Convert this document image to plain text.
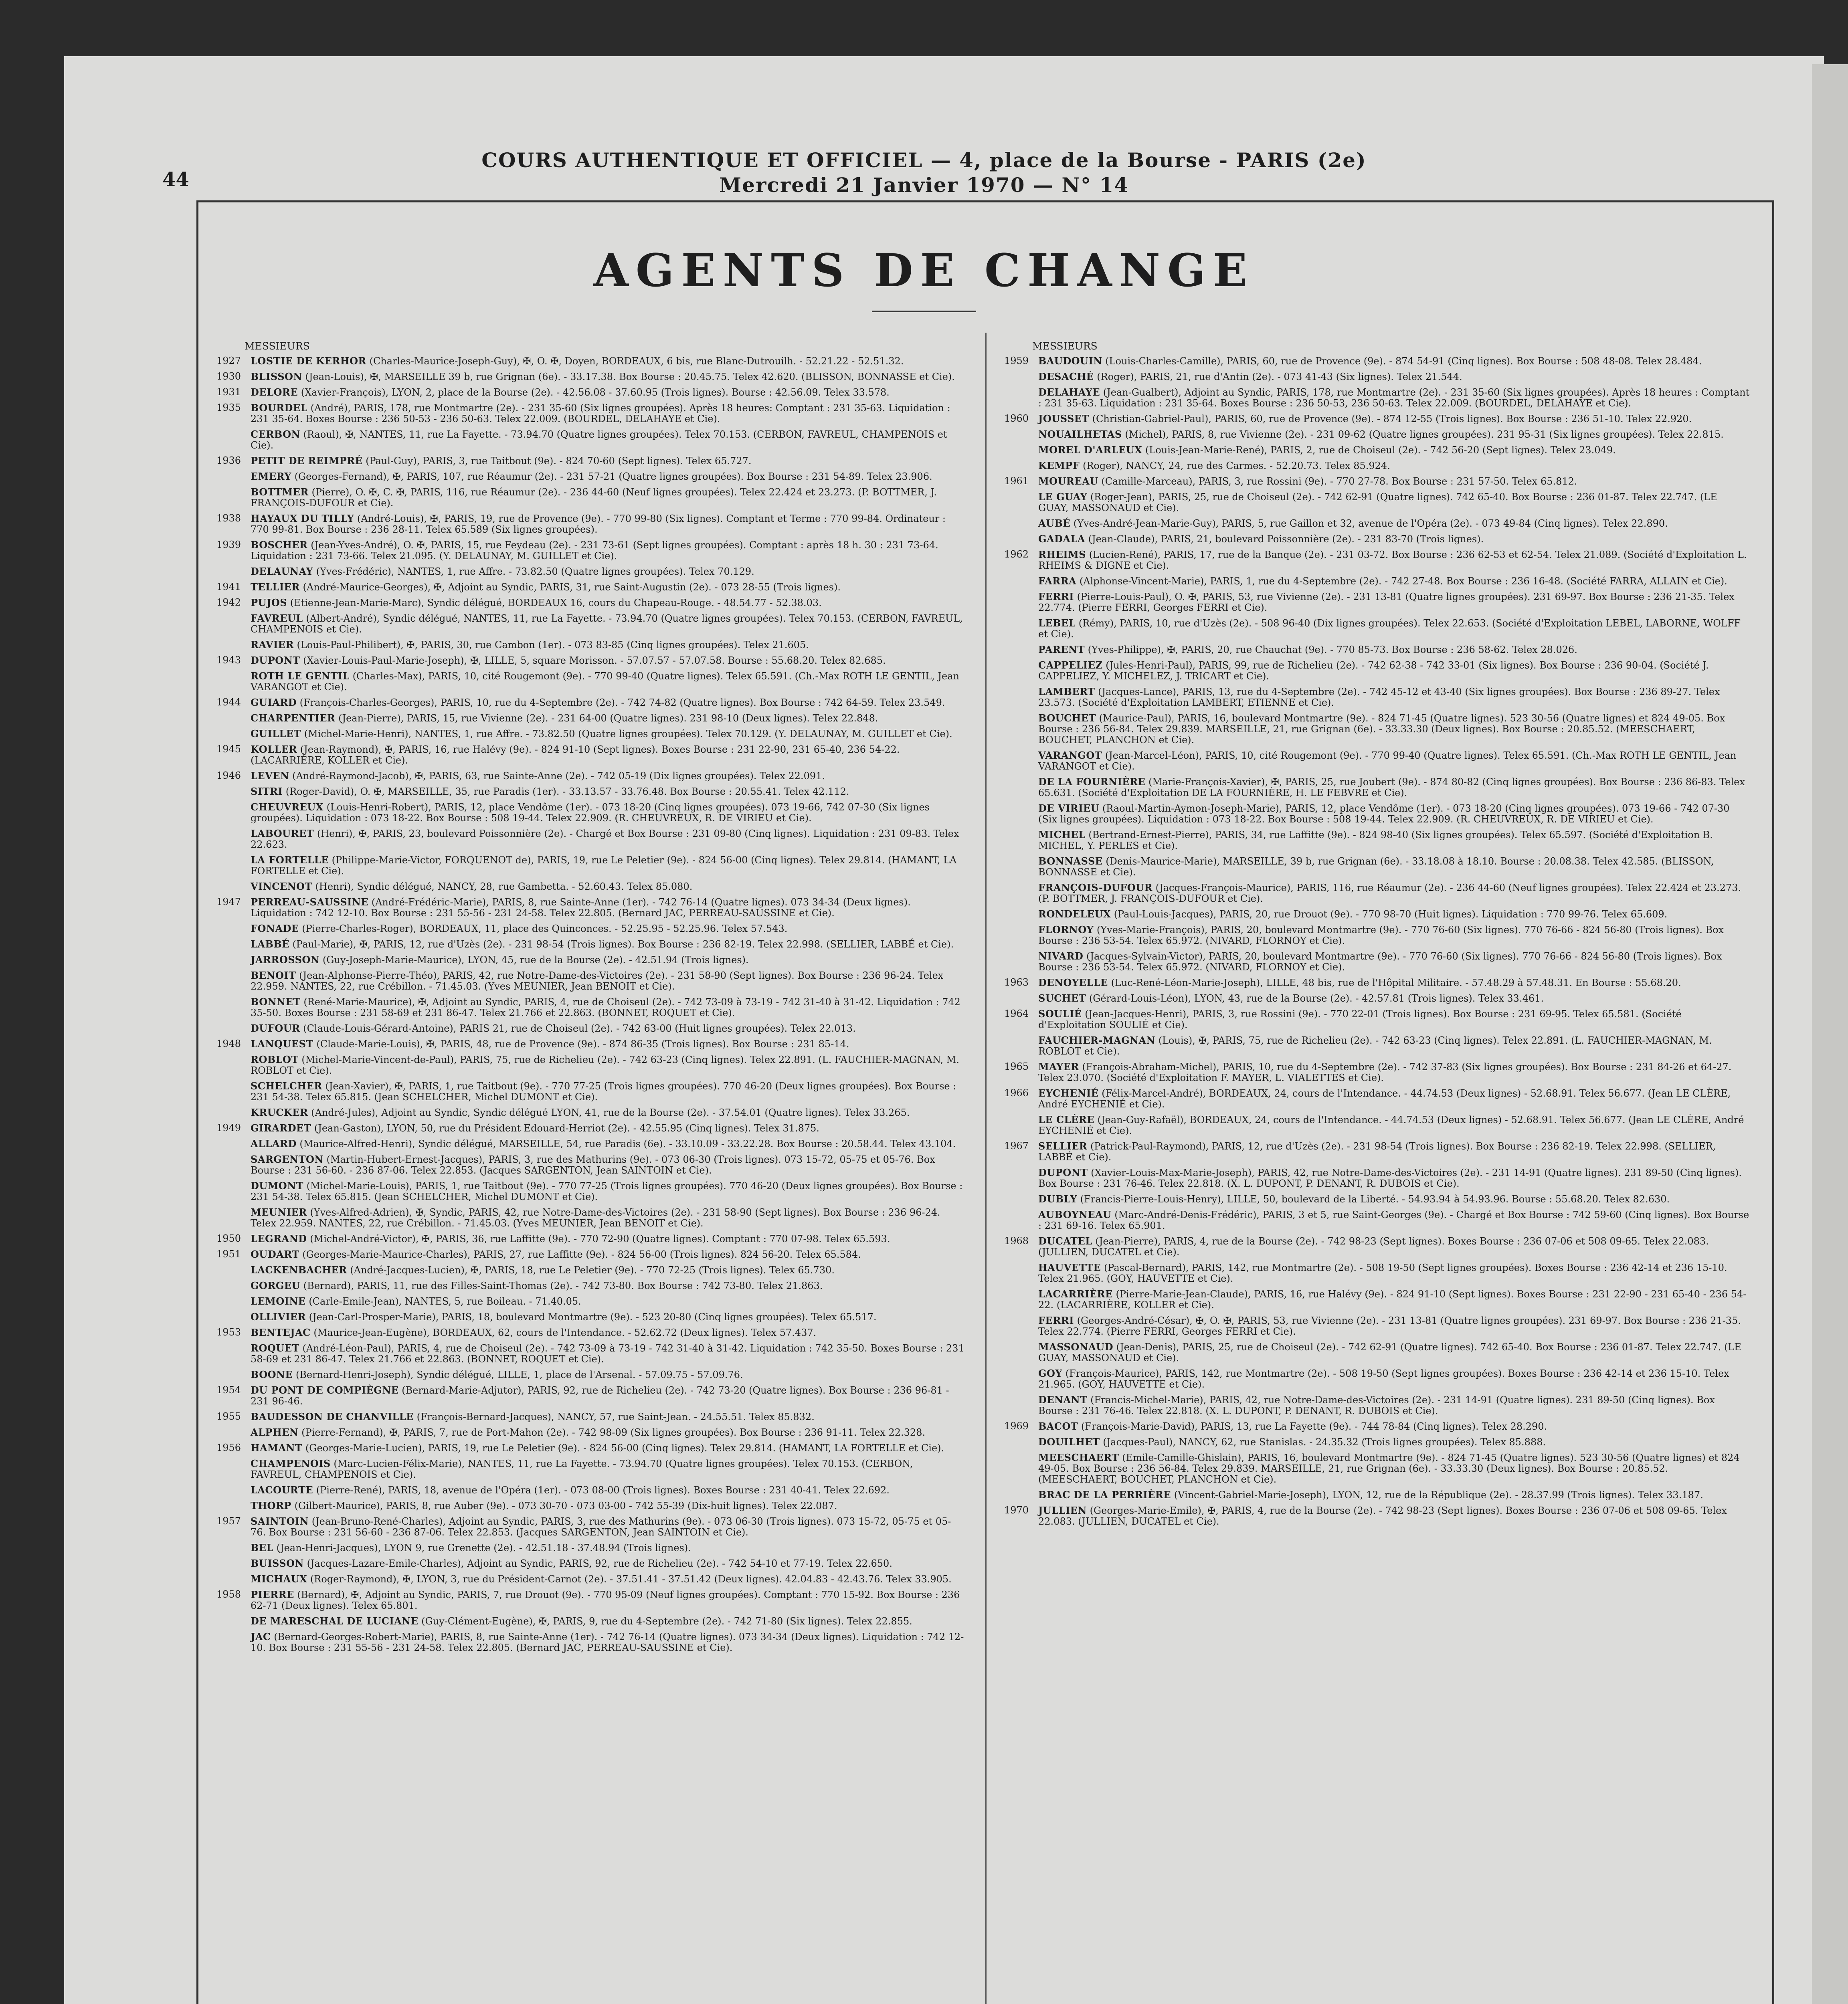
44
COURS AUTHENTIQUE ET OFFICIEL — 4, place de la Bourse - PARIS (2e)
Mercredi 21 Janvier 1970 — N° 14
AGENTS DE CHANGE
MESSIEURS
1927 LOSTIE DE KERHOR (Charles-Maurice-Joseph-Guy), ✠, O. ✠, Doyen, BORDEAUX, 6 bis, rue Blanc-Dutrouilh. - 52.21.22 - 52.51.32.
1930 BLISSON (Jean-Louis), ✠, MARSEILLE 39 b, rue Grignan (6e). - 33.17.38. Box Bourse : 20.45.75. Telex 42.620. (BLISSON, BONNASSE et Cie).
1931 DELORE (Xavier-François), LYON, 2, place de la Bourse (2e). - 42.56.08 - 37.60.95 (Trois lignes). Bourse : 42.56.09. Telex 33.578.
1935 BOURDEL (André), PARIS, 178, rue Montmartre (2e). - 231 35-60 (Six lignes groupées). Après 18 heures: Comptant : 231 35-63. Liquidation : 231 35-64. Boxes Bourse : 236 50-53 - 236 50-63. Telex 22.009. (BOURDEL, DELAHAYE et Cie).
CERBON (Raoul), ✠, NANTES, 11, rue La Fayette. - 73.94.70 (Quatre lignes groupées). Telex 70.153. (CERBON, FAVREUL, CHAMPENOIS et Cie).
1936 PETIT DE REIMPRÉ (Paul-Guy), PARIS, 3, rue Taitbout (9e). - 824 70-60 (Sept lignes). Telex 65.727.
EMERY (Georges-Fernand), ✠, PARIS, 107, rue Réaumur (2e). - 231 57-21 (Quatre lignes groupées). Box Bourse : 231 54-89. Telex 23.906.
BOTTMER (Pierre), O. ✠, C. ✠, PARIS, 116, rue Réaumur (2e). - 236 44-60 (Neuf lignes groupées). Telex 22.424 et 23.273. (P. BOTTMER, J. FRANÇOIS-DUFOUR et Cie).
1938 HAYAUX DU TILLY (André-Louis), ✠, PARIS, 19, rue de Provence (9e). - 770 99-80 (Six lignes). Comptant et Terme : 770 99-84. Ordinateur : 770 99-81. Box Bourse : 236 28-11. Telex 65.589 (Six lignes groupées).
1939 BOSCHER (Jean-Yves-André), O. ✠, PARIS, 15, rue Feydeau (2e). - 231 73-61 (Sept lignes groupées). Comptant : après 18 h. 30 : 231 73-64. Liquidation : 231 73-66. Telex 21.095. (Y. DELAUNAY, M. GUILLET et Cie).
DELAUNAY (Yves-Frédéric), NANTES, 1, rue Affre. - 73.82.50 (Quatre lignes groupées). Telex 70.129.
1941 TELLIER (André-Maurice-Georges), ✠, Adjoint au Syndic, PARIS, 31, rue Saint-Augustin (2e). - 073 28-55 (Trois lignes).
1942 PUJOS (Etienne-Jean-Marie-Marc), Syndic délégué, BORDEAUX 16, cours du Chapeau-Rouge. - 48.54.77 - 52.38.03.
FAVREUL (Albert-André), Syndic délégué, NANTES, 11, rue La Fayette. - 73.94.70 (Quatre lignes groupées). Telex 70.153. (CERBON, FAVREUL, CHAMPENOIS et Cie).
RAVIER (Louis-Paul-Philibert), ✠, PARIS, 30, rue Cambon (1er). - 073 83-85 (Cinq lignes groupées). Telex 21.605.
1943 DUPONT (Xavier-Louis-Paul-Marie-Joseph), ✠, LILLE, 5, square Morisson. - 57.07.57 - 57.07.58. Bourse : 55.68.20. Telex 82.685.
ROTH LE GENTIL (Charles-Max), PARIS, 10, cité Rougemont (9e). - 770 99-40 (Quatre lignes). Telex 65.591. (Ch.-Max ROTH LE GENTIL, Jean VARANGOT et Cie).
1944 GUIARD (François-Charles-Georges), PARIS, 10, rue du 4-Septembre (2e). - 742 74-82 (Quatre lignes). Box Bourse : 742 64-59. Telex 23.549.
CHARPENTIER (Jean-Pierre), PARIS, 15, rue Vivienne (2e). - 231 64-00 (Quatre lignes). 231 98-10 (Deux lignes). Telex 22.848.
GUILLET (Michel-Marie-Henri), NANTES, 1, rue Affre. - 73.82.50 (Quatre lignes groupées). Telex 70.129. (Y. DELAUNAY, M. GUILLET et Cie).
1945 KOLLER (Jean-Raymond), ✠, PARIS, 16, rue Halévy (9e). - 824 91-10 (Sept lignes). Boxes Bourse : 231 22-90, 231 65-40, 236 54-22. (LACARRIÈRE, KOLLER et Cie).
1946 LEVEN (André-Raymond-Jacob), ✠, PARIS, 63, rue Sainte-Anne (2e). - 742 05-19 (Dix lignes groupées). Telex 22.091.
SITRI (Roger-David), O. ✠, MARSEILLE, 35, rue Paradis (1er). - 33.13.57 - 33.76.48. Box Bourse : 20.55.41. Telex 42.112.
CHEUVREUX (Louis-Henri-Robert), PARIS, 12, place Vendôme (1er). - 073 18-20 (Cinq lignes groupées). 073 19-66, 742 07-30 (Six lignes groupées). Liquidation : 073 18-22. Box Bourse : 508 19-44. Telex 22.909. (R. CHEUVREUX, R. DE VIRIEU et Cie).
LABOURET (Henri), ✠, PARIS, 23, boulevard Poissonnière (2e). - Chargé et Box Bourse : 231 09-80 (Cinq lignes). Liquidation : 231 09-83. Telex 22.623.
LA FORTELLE (Philippe-Marie-Victor, FORQUENOT de), PARIS, 19, rue Le Peletier (9e). - 824 56-00 (Cinq lignes). Telex 29.814. (HAMANT, LA FORTELLE et Cie).
VINCENOT (Henri), Syndic délégué, NANCY, 28, rue Gambetta. - 52.60.43. Telex 85.080.
1947 PERREAU-SAUSSINE (André-Frédéric-Marie), PARIS, 8, rue Sainte-Anne (1er). - 742 76-14 (Quatre lignes). 073 34-34 (Deux lignes). Liquidation : 742 12-10. Box Bourse : 231 55-56 - 231 24-58. Telex 22.805. (Bernard JAC, PERREAU-SAUSSINE et Cie).
FONADE (Pierre-Charles-Roger), BORDEAUX, 11, place des Quinconces. - 52.25.95 - 52.25.96. Telex 57.543.
LABBÉ (Paul-Marie), ✠, PARIS, 12, rue d'Uzès (2e). - 231 98-54 (Trois lignes). Box Bourse : 236 82-19. Telex 22.998. (SELLIER, LABBÉ et Cie).
JARROSSON (Guy-Joseph-Marie-Maurice), LYON, 45, rue de la Bourse (2e). - 42.51.94 (Trois lignes).
BENOIT (Jean-Alphonse-Pierre-Théo), PARIS, 42, rue Notre-Dame-des-Victoires (2e). - 231 58-90 (Sept lignes). Box Bourse : 236 96-24. Telex 22.959. NANTES, 22, rue Crébillon. - 71.45.03. (Yves MEUNIER, Jean BENOIT et Cie).
BONNET (René-Marie-Maurice), ✠, Adjoint au Syndic, PARIS, 4, rue de Choiseul (2e). - 742 73-09 à 73-19 - 742 31-40 à 31-42. Liquidation : 742 35-50. Boxes Bourse : 231 58-69 et 231 86-47. Telex 21.766 et 22.863. (BONNET, ROQUET et Cie).
DUFOUR (Claude-Louis-Gérard-Antoine), PARIS 21, rue de Choiseul (2e). - 742 63-00 (Huit lignes groupées). Telex 22.013.
1948 LANQUEST (Claude-Marie-Louis), ✠, PARIS, 48, rue de Provence (9e). - 874 86-35 (Trois lignes). Box Bourse : 231 85-14.
ROBLOT (Michel-Marie-Vincent-de-Paul), PARIS, 75, rue de Richelieu (2e). - 742 63-23 (Cinq lignes). Telex 22.891. (L. FAUCHIER-MAGNAN, M. ROBLOT et Cie).
SCHELCHER (Jean-Xavier), ✠, PARIS, 1, rue Taitbout (9e). - 770 77-25 (Trois lignes groupées). 770 46-20 (Deux lignes groupées). Box Bourse : 231 54-38. Telex 65.815. (Jean SCHELCHER, Michel DUMONT et Cie).
KRUCKER (André-Jules), Adjoint au Syndic, Syndic délégué LYON, 41, rue de la Bourse (2e). - 37.54.01 (Quatre lignes). Telex 33.265.
1949 GIRARDET (Jean-Gaston), LYON, 50, rue du Président Edouard-Herriot (2e). - 42.55.95 (Cinq lignes). Telex 31.875.
ALLARD (Maurice-Alfred-Henri), Syndic délégué, MARSEILLE, 54, rue Paradis (6e). - 33.10.09 - 33.22.28. Box Bourse : 20.58.44. Telex 43.104.
SARGENTON (Martin-Hubert-Ernest-Jacques), PARIS, 3, rue des Mathurins (9e). - 073 06-30 (Trois lignes). 073 15-72, 05-75 et 05-76. Box Bourse : 231 56-60. - 236 87-06. Telex 22.853. (Jacques SARGENTON, Jean SAINTOIN et Cie).
DUMONT (Michel-Marie-Louis), PARIS, 1, rue Taitbout (9e). - 770 77-25 (Trois lignes groupées). 770 46-20 (Deux lignes groupées). Box Bourse : 231 54-38. Telex 65.815. (Jean SCHELCHER, Michel DUMONT et Cie).
MEUNIER (Yves-Alfred-Adrien), ✠, Syndic, PARIS, 42, rue Notre-Dame-des-Victoires (2e). - 231 58-90 (Sept lignes). Box Bourse : 236 96-24. Telex 22.959. NANTES, 22, rue Crébillon. - 71.45.03. (Yves MEUNIER, Jean BENOIT et Cie).
1950 LEGRAND (Michel-André-Victor), ✠, PARIS, 36, rue Laffitte (9e). - 770 72-90 (Quatre lignes). Comptant : 770 07-98. Telex 65.593.
1951 OUDART (Georges-Marie-Maurice-Charles), PARIS, 27, rue Laffitte (9e). - 824 56-00 (Trois lignes). 824 56-20. Telex 65.584.
LACKENBACHER (André-Jacques-Lucien), ✠, PARIS, 18, rue Le Peletier (9e). - 770 72-25 (Trois lignes). Telex 65.730.
GORGEU (Bernard), PARIS, 11, rue des Filles-Saint-Thomas (2e). - 742 73-80. Box Bourse : 742 73-80. Telex 21.863.
LEMOINE (Carle-Emile-Jean), NANTES, 5, rue Boileau. - 71.40.05.
OLLIVIER (Jean-Carl-Prosper-Marie), PARIS, 18, boulevard Montmartre (9e). - 523 20-80 (Cinq lignes groupées). Telex 65.517.
1953 BENTEJAC (Maurice-Jean-Eugène), BORDEAUX, 62, cours de l'Intendance. - 52.62.72 (Deux lignes). Telex 57.437.
ROQUET (André-Léon-Paul), PARIS, 4, rue de Choiseul (2e). - 742 73-09 à 73-19 - 742 31-40 à 31-42. Liquidation : 742 35-50. Boxes Bourse : 231 58-69 et 231 86-47. Telex 21.766 et 22.863. (BONNET, ROQUET et Cie).
BOONE (Bernard-Henri-Joseph), Syndic délégué, LILLE, 1, place de l'Arsenal. - 57.09.75 - 57.09.76.
1954 DU PONT DE COMPIÈGNE (Bernard-Marie-Adjutor), PARIS, 92, rue de Richelieu (2e). - 742 73-20 (Quatre lignes). Box Bourse : 236 96-81 - 231 96-46.
1955 BAUDESSON DE CHANVILLE (François-Bernard-Jacques), NANCY, 57, rue Saint-Jean. - 24.55.51. Telex 85.832.
ALPHEN (Pierre-Fernand), ✠, PARIS, 7, rue de Port-Mahon (2e). - 742 98-09 (Six lignes groupées). Box Bourse : 236 91-11. Telex 22.328.
1956 HAMANT (Georges-Marie-Lucien), PARIS, 19, rue Le Peletier (9e). - 824 56-00 (Cinq lignes). Telex 29.814. (HAMANT, LA FORTELLE et Cie).
CHAMPENOIS (Marc-Lucien-Félix-Marie), NANTES, 11, rue La Fayette. - 73.94.70 (Quatre lignes groupées). Telex 70.153. (CERBON, FAVREUL, CHAMPENOIS et Cie).
LACOURTE (Pierre-René), PARIS, 18, avenue de l'Opéra (1er). - 073 08-00 (Trois lignes). Boxes Bourse : 231 40-41. Telex 22.692.
THORP (Gilbert-Maurice), PARIS, 8, rue Auber (9e). - 073 30-70 - 073 03-00 - 742 55-39 (Dix-huit lignes). Telex 22.087.
1957 SAINTOIN (Jean-Bruno-René-Charles), Adjoint au Syndic, PARIS, 3, rue des Mathurins (9e). - 073 06-30 (Trois lignes). 073 15-72, 05-75 et 05-76. Box Bourse : 231 56-60 - 236 87-06. Telex 22.853. (Jacques SARGENTON, Jean SAINTOIN et Cie).
BEL (Jean-Henri-Jacques), LYON 9, rue Grenette (2e). - 42.51.18 - 37.48.94 (Trois lignes).
BUISSON (Jacques-Lazare-Emile-Charles), Adjoint au Syndic, PARIS, 92, rue de Richelieu (2e). - 742 54-10 et 77-19. Telex 22.650.
MICHAUX (Roger-Raymond), ✠, LYON, 3, rue du Président-Carnot (2e). - 37.51.41 - 37.51.42 (Deux lignes). 42.04.83 - 42.43.76. Telex 33.905.
1958 PIERRE (Bernard), ✠, Adjoint au Syndic, PARIS, 7, rue Drouot (9e). - 770 95-09 (Neuf lignes groupées). Comptant : 770 15-92. Box Bourse : 236 62-71 (Deux lignes). Telex 65.801.
DE MARESCHAL DE LUCIANE (Guy-Clément-Eugène), ✠, PARIS, 9, rue du 4-Septembre (2e). - 742 71-80 (Six lignes). Telex 22.855.
JAC (Bernard-Georges-Robert-Marie), PARIS, 8, rue Sainte-Anne (1er). - 742 76-14 (Quatre lignes). 073 34-34 (Deux lignes). Liquidation : 742 12-10. Box Bourse : 231 55-56 - 231 24-58. Telex 22.805. (Bernard JAC, PERREAU-SAUSSINE et Cie).
MESSIEURS
1959 BAUDOUIN (Louis-Charles-Camille), PARIS, 60, rue de Provence (9e). - 874 54-91 (Cinq lignes). Box Bourse : 508 48-08. Telex 28.484.
DESACHÉ (Roger), PARIS, 21, rue d'Antin (2e). - 073 41-43 (Six lignes). Telex 21.544.
DELAHAYE (Jean-Gualbert), Adjoint au Syndic, PARIS, 178, rue Montmartre (2e). - 231 35-60 (Six lignes groupées). Après 18 heures : Comptant : 231 35-63. Liquidation : 231 35-64. Boxes Bourse : 236 50-53, 236 50-63. Telex 22.009. (BOURDEL, DELAHAYE et Cie).
1960 JOUSSET (Christian-Gabriel-Paul), PARIS, 60, rue de Provence (9e). - 874 12-55 (Trois lignes). Box Bourse : 236 51-10. Telex 22.920.
NOUAILHETAS (Michel), PARIS, 8, rue Vivienne (2e). - 231 09-62 (Quatre lignes groupées). 231 95-31 (Six lignes groupées). Telex 22.815.
MOREL D'ARLEUX (Louis-Jean-Marie-René), PARIS, 2, rue de Choiseul (2e). - 742 56-20 (Sept lignes). Telex 23.049.
KEMPF (Roger), NANCY, 24, rue des Carmes. - 52.20.73. Telex 85.924.
1961 MOUREAU (Camille-Marceau), PARIS, 3, rue Rossini (9e). - 770 27-78. Box Bourse : 231 57-50. Telex 65.812.
LE GUAY (Roger-Jean), PARIS, 25, rue de Choiseul (2e). - 742 62-91 (Quatre lignes). 742 65-40. Box Bourse : 236 01-87. Telex 22.747. (LE GUAY, MASSONAUD et Cie).
AUBÉ (Yves-André-Jean-Marie-Guy), PARIS, 5, rue Gaillon et 32, avenue de l'Opéra (2e). - 073 49-84 (Cinq lignes). Telex 22.890.
GADALA (Jean-Claude), PARIS, 21, boulevard Poissonnière (2e). - 231 83-70 (Trois lignes).
1962 RHEIMS (Lucien-René), PARIS, 17, rue de la Banque (2e). - 231 03-72. Box Bourse : 236 62-53 et 62-54. Telex 21.089. (Société d'Exploitation L. RHEIMS & DIGNE et Cie).
FARRA (Alphonse-Vincent-Marie), PARIS, 1, rue du 4-Septembre (2e). - 742 27-48. Box Bourse : 236 16-48. (Société FARRA, ALLAIN et Cie).
FERRI (Pierre-Louis-Paul), O. ✠, PARIS, 53, rue Vivienne (2e). - 231 13-81 (Quatre lignes groupées). 231 69-97. Box Bourse : 236 21-35. Telex 22.774. (Pierre FERRI, Georges FERRI et Cie).
LEBEL (Rémy), PARIS, 10, rue d'Uzès (2e). - 508 96-40 (Dix lignes groupées). Telex 22.653. (Société d'Exploitation LEBEL, LABORNE, WOLFF et Cie).
PARENT (Yves-Philippe), ✠, PARIS, 20, rue Chauchat (9e). - 770 85-73. Box Bourse : 236 58-62. Telex 28.026.
CAPPELIEZ (Jules-Henri-Paul), PARIS, 99, rue de Richelieu (2e). - 742 62-38 - 742 33-01 (Six lignes). Box Bourse : 236 90-04. (Société J. CAPPELIEZ, Y. MICHELEZ, J. TRICART et Cie).
LAMBERT (Jacques-Lance), PARIS, 13, rue du 4-Septembre (2e). - 742 45-12 et 43-40 (Six lignes groupées). Box Bourse : 236 89-27. Telex 23.573. (Société d'Exploitation LAMBERT, ETIENNE et Cie).
BOUCHET (Maurice-Paul), PARIS, 16, boulevard Montmartre (9e). - 824 71-45 (Quatre lignes). 523 30-56 (Quatre lignes) et 824 49-05. Box Bourse : 236 56-84. Telex 29.839. MARSEILLE, 21, rue Grignan (6e). - 33.33.30 (Deux lignes). Box Bourse : 20.85.52. (MEESCHAERT, BOUCHET, PLANCHON et Cie).
VARANGOT (Jean-Marcel-Léon), PARIS, 10, cité Rougemont (9e). - 770 99-40 (Quatre lignes). Telex 65.591. (Ch.-Max ROTH LE GENTIL, Jean VARANGOT et Cie).
DE LA FOURNIÈRE (Marie-François-Xavier), ✠, PARIS, 25, rue Joubert (9e). - 874 80-82 (Cinq lignes groupées). Box Bourse : 236 86-83. Telex 65.631. (Société d'Exploitation DE LA FOURNIÈRE, H. LE FEBVRE et Cie).
DE VIRIEU (Raoul-Martin-Aymon-Joseph-Marie), PARIS, 12, place Vendôme (1er). - 073 18-20 (Cinq lignes groupées). 073 19-66 - 742 07-30 (Six lignes groupées). Liquidation : 073 18-22. Box Bourse : 508 19-44. Telex 22.909. (R. CHEUVREUX, R. DE VIRIEU et Cie).
MICHEL (Bertrand-Ernest-Pierre), PARIS, 34, rue Laffitte (9e). - 824 98-40 (Six lignes groupées). Telex 65.597. (Société d'Exploitation B. MICHEL, Y. PERLES et Cie).
BONNASSE (Denis-Maurice-Marie), MARSEILLE, 39 b, rue Grignan (6e). - 33.18.08 à 18.10. Bourse : 20.08.38. Telex 42.585. (BLISSON, BONNASSE et Cie).
FRANÇOIS-DUFOUR (Jacques-François-Maurice), PARIS, 116, rue Réaumur (2e). - 236 44-60 (Neuf lignes groupées). Telex 22.424 et 23.273. (P. BOTTMER, J. FRANÇOIS-DUFOUR et Cie).
RONDELEUX (Paul-Louis-Jacques), PARIS, 20, rue Drouot (9e). - 770 98-70 (Huit lignes). Liquidation : 770 99-76. Telex 65.609.
FLORNOY (Yves-Marie-François), PARIS, 20, boulevard Montmartre (9e). - 770 76-60 (Six lignes). 770 76-66 - 824 56-80 (Trois lignes). Box Bourse : 236 53-54. Telex 65.972. (NIVARD, FLORNOY et Cie).
NIVARD (Jacques-Sylvain-Victor), PARIS, 20, boulevard Montmartre (9e). - 770 76-60 (Six lignes). 770 76-66 - 824 56-80 (Trois lignes). Box Bourse : 236 53-54. Telex 65.972. (NIVARD, FLORNOY et Cie).
1963 DENOYELLE (Luc-René-Léon-Marie-Joseph), LILLE, 48 bis, rue de l'Hôpital Militaire. - 57.48.29 à 57.48.31. En Bourse : 55.68.20.
SUCHET (Gérard-Louis-Léon), LYON, 43, rue de la Bourse (2e). - 42.57.81 (Trois lignes). Telex 33.461.
1964 SOULIÉ (Jean-Jacques-Henri), PARIS, 3, rue Rossini (9e). - 770 22-01 (Trois lignes). Box Bourse : 231 69-95. Telex 65.581. (Société d'Exploitation SOULIÉ et Cie).
FAUCHIER-MAGNAN (Louis), ✠, PARIS, 75, rue de Richelieu (2e). - 742 63-23 (Cinq lignes). Telex 22.891. (L. FAUCHIER-MAGNAN, M. ROBLOT et Cie).
1965 MAYER (François-Abraham-Michel), PARIS, 10, rue du 4-Septembre (2e). - 742 37-83 (Six lignes groupées). Box Bourse : 231 84-26 et 64-27. Telex 23.070. (Société d'Exploitation F. MAYER, L. VIALETTES et Cie).
1966 EYCHENIÉ (Félix-Marcel-André), BORDEAUX, 24, cours de l'Intendance. - 44.74.53 (Deux lignes) - 52.68.91. Telex 56.677. (Jean LE CLÈRE, André EYCHENIÉ et Cie).
LE CLÈRE (Jean-Guy-Rafaël), BORDEAUX, 24, cours de l'Intendance. - 44.74.53 (Deux lignes) - 52.68.91. Telex 56.677. (Jean LE CLÈRE, André EYCHENIÉ et Cie).
1967 SELLIER (Patrick-Paul-Raymond), PARIS, 12, rue d'Uzès (2e). - 231 98-54 (Trois lignes). Box Bourse : 236 82-19. Telex 22.998. (SELLIER, LABBÉ et Cie).
DUPONT (Xavier-Louis-Max-Marie-Joseph), PARIS, 42, rue Notre-Dame-des-Victoires (2e). - 231 14-91 (Quatre lignes). 231 89-50 (Cinq lignes). Box Bourse : 231 76-46. Telex 22.818. (X. L. DUPONT, P. DENANT, R. DUBOIS et Cie).
DUBLY (Francis-Pierre-Louis-Henry), LILLE, 50, boulevard de la Liberté. - 54.93.94 à 54.93.96. Bourse : 55.68.20. Telex 82.630.
AUBOYNEAU (Marc-André-Denis-Frédéric), PARIS, 3 et 5, rue Saint-Georges (9e). - Chargé et Box Bourse : 742 59-60 (Cinq lignes). Box Bourse : 231 69-16. Telex 65.901.
1968 DUCATEL (Jean-Pierre), PARIS, 4, rue de la Bourse (2e). - 742 98-23 (Sept lignes). Boxes Bourse : 236 07-06 et 508 09-65. Telex 22.083. (JULLIEN, DUCATEL et Cie).
HAUVETTE (Pascal-Bernard), PARIS, 142, rue Montmartre (2e). - 508 19-50 (Sept lignes groupées). Boxes Bourse : 236 42-14 et 236 15-10. Telex 21.965. (GOY, HAUVETTE et Cie).
LACARRIÈRE (Pierre-Marie-Jean-Claude), PARIS, 16, rue Halévy (9e). - 824 91-10 (Sept lignes). Boxes Bourse : 231 22-90 - 231 65-40 - 236 54-22. (LACARRIÈRE, KOLLER et Cie).
FERRI (Georges-André-César), ✠, O. ✠, PARIS, 53, rue Vivienne (2e). - 231 13-81 (Quatre lignes groupées). 231 69-97. Box Bourse : 236 21-35. Telex 22.774. (Pierre FERRI, Georges FERRI et Cie).
MASSONAUD (Jean-Denis), PARIS, 25, rue de Choiseul (2e). - 742 62-91 (Quatre lignes). 742 65-40. Box Bourse : 236 01-87. Telex 22.747. (LE GUAY, MASSONAUD et Cie).
GOY (François-Maurice), PARIS, 142, rue Montmartre (2e). - 508 19-50 (Sept lignes groupées). Boxes Bourse : 236 42-14 et 236 15-10. Telex 21.965. (GOY, HAUVETTE et Cie).
DENANT (Francis-Michel-Marie), PARIS, 42, rue Notre-Dame-des-Victoires (2e). - 231 14-91 (Quatre lignes). 231 89-50 (Cinq lignes). Box Bourse : 231 76-46. Telex 22.818. (X. L. DUPONT, P. DENANT, R. DUBOIS et Cie).
1969 BACOT (François-Marie-David), PARIS, 13, rue La Fayette (9e). - 744 78-84 (Cinq lignes). Telex 28.290.
DOUILHET (Jacques-Paul), NANCY, 62, rue Stanislas. - 24.35.32 (Trois lignes groupées). Telex 85.888.
MEESCHAERT (Emile-Camille-Ghislain), PARIS, 16, boulevard Montmartre (9e). - 824 71-45 (Quatre lignes). 523 30-56 (Quatre lignes) et 824 49-05. Box Bourse : 236 56-84. Telex 29.839. MARSEILLE, 21, rue Grignan (6e). - 33.33.30 (Deux lignes). Box Bourse : 20.85.52. (MEESCHAERT, BOUCHET, PLANCHON et Cie).
BRAC DE LA PERRIÈRE (Vincent-Gabriel-Marie-Joseph), LYON, 12, rue de la République (2e). - 28.37.99 (Trois lignes). Telex 33.187.
1970 JULLIEN (Georges-Marie-Emile), ✠, PARIS, 4, rue de la Bourse (2e). - 742 98-23 (Sept lignes). Boxes Bourse : 236 07-06 et 508 09-65. Telex 22.083. (JULLIEN, DUCATEL et Cie).
